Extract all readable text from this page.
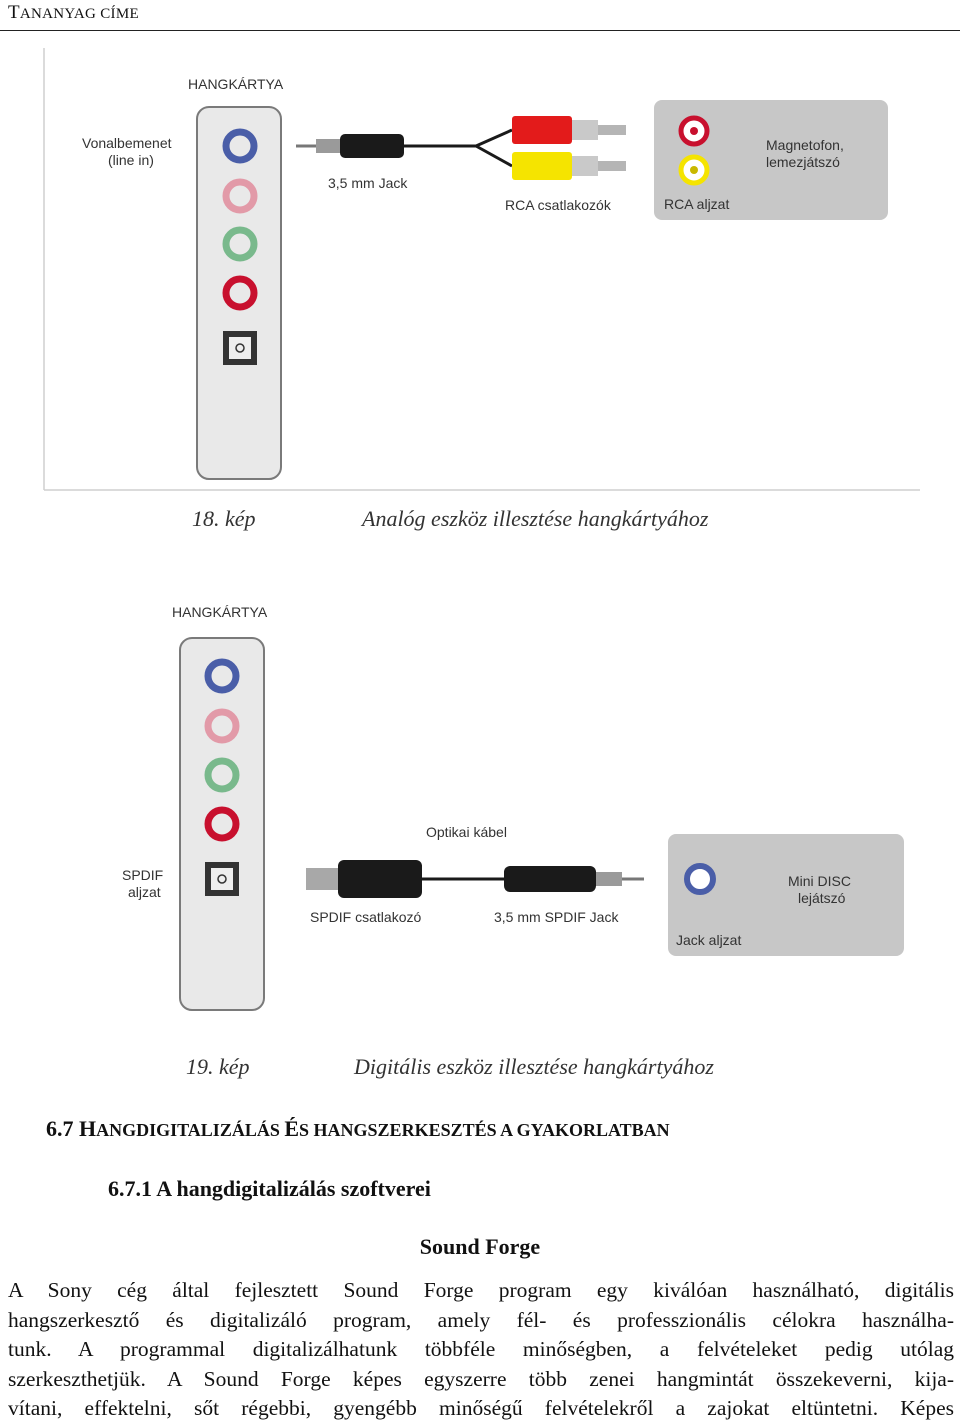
TANANYAG CÍME
HANGKÁRTYA
Vonalbemenet
(line in)
3,5 mm Jack
RCA csatlakozók
Magnetofon,
lemezjátszó
RCA aljzat
HANGKÁRTYA
SPDIF
aljzat
Optikai kábel
SPDIF csatlakozó	3,5 mm SPDIF Jack
Mini DISC
lejátszó
Jack aljzat
18. kép	Analóg eszköz illesztése hangkártyához
19. kép	Digitális eszköz illesztése hangkártyához
6.7 HANGDIGITALIZÁLÁS ÉS HANGSZERKESZTÉS A GYAKORLATBAN
6.7.1 A hangdigitalizálás szoftverei
Sound Forge
A Sony cég által fejlesztett Sound Forge program egy kiválóan használható, digitális
hangszerkesztő és digitalizáló program, amely fél- és professzionális célokra használha-
tunk. A programmal digitalizálhatunk többféle minőségben, a felvételeket pedig utólag
szerkeszthetjük. A Sound Forge képes egyszerre több zenei hangmintát összekeverni, kija-
vítani, effektelni, sőt régebbi, gyengébb minőségű felvételekről a zajokat eltüntetni. Képes
